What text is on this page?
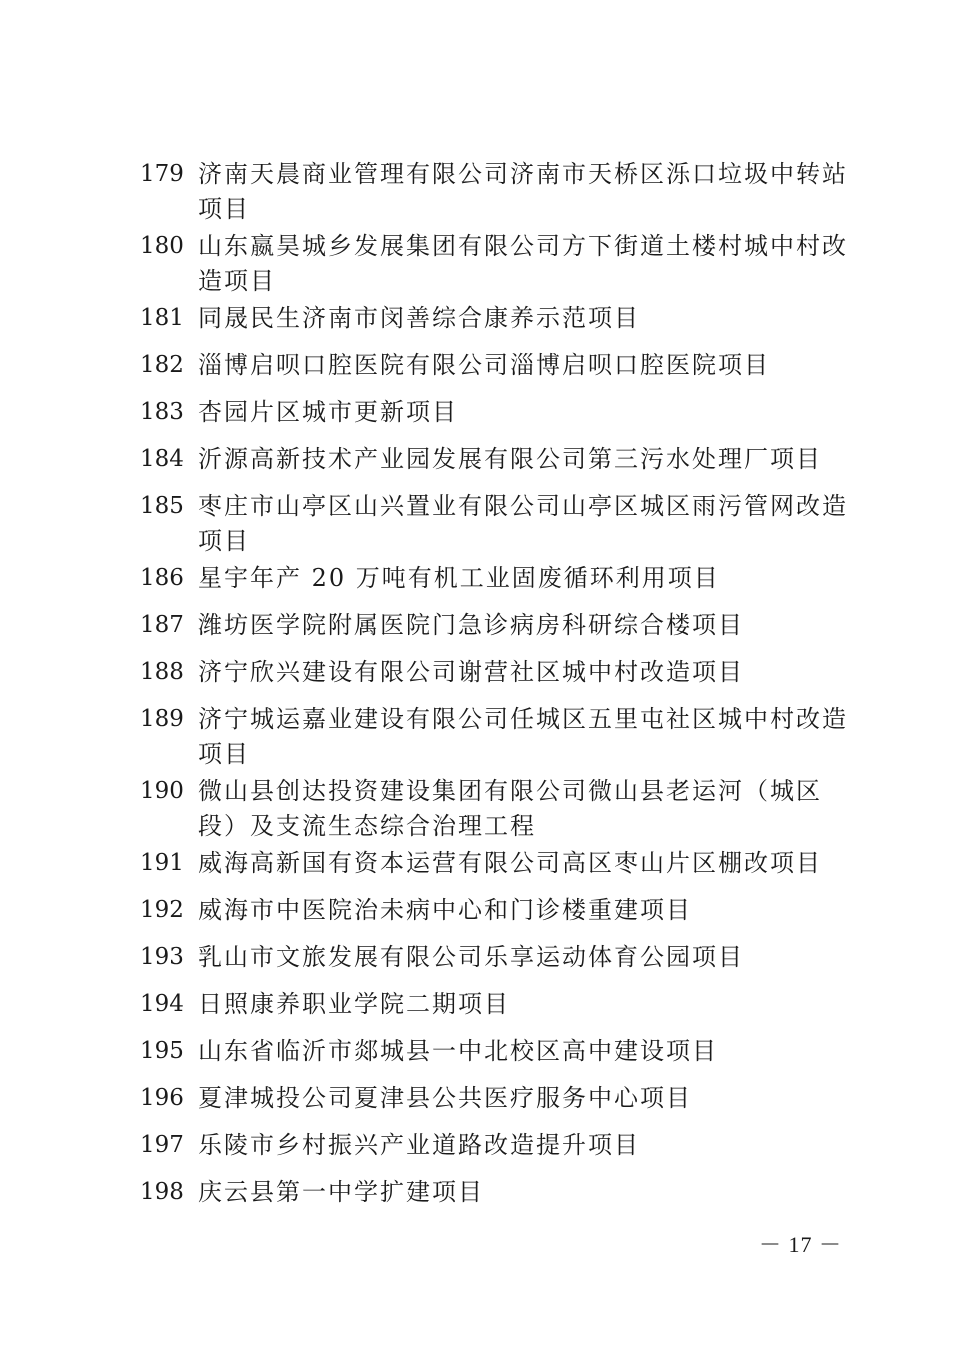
179 济南天晨商业管理有限公司济南市天桥区泺口垃圾中转站项目
180 山东嬴昊城乡发展集团有限公司方下街道土楼村城中村改造项目
181 同晟民生济南市闵善综合康养示范项目
182 淄博启呗口腔医院有限公司淄博启呗口腔医院项目
183 杏园片区城市更新项目
184 沂源高新技术产业园发展有限公司第三污水处理厂项目
185 枣庄市山亭区山兴置业有限公司山亭区城区雨污管网改造项目
186 星宇年产 20 万吨有机工业固废循环利用项目
187 潍坊医学院附属医院门急诊病房科研综合楼项目
188 济宁欣兴建设有限公司谢营社区城中村改造项目
189 济宁城运嘉业建设有限公司任城区五里屯社区城中村改造项目
190 微山县创达投资建设集团有限公司微山县老运河（城区段）及支流生态综合治理工程
191 威海高新国有资本运营有限公司高区枣山片区棚改项目
192 威海市中医院治未病中心和门诊楼重建项目
193 乳山市文旅发展有限公司乐享运动体育公园项目
194 日照康养职业学院二期项目
195 山东省临沂市郯城县一中北校区高中建设项目
196 夏津城投公司夏津县公共医疗服务中心项目
197 乐陵市乡村振兴产业道路改造提升项目
198 庆云县第一中学扩建项目
－ 17 －
